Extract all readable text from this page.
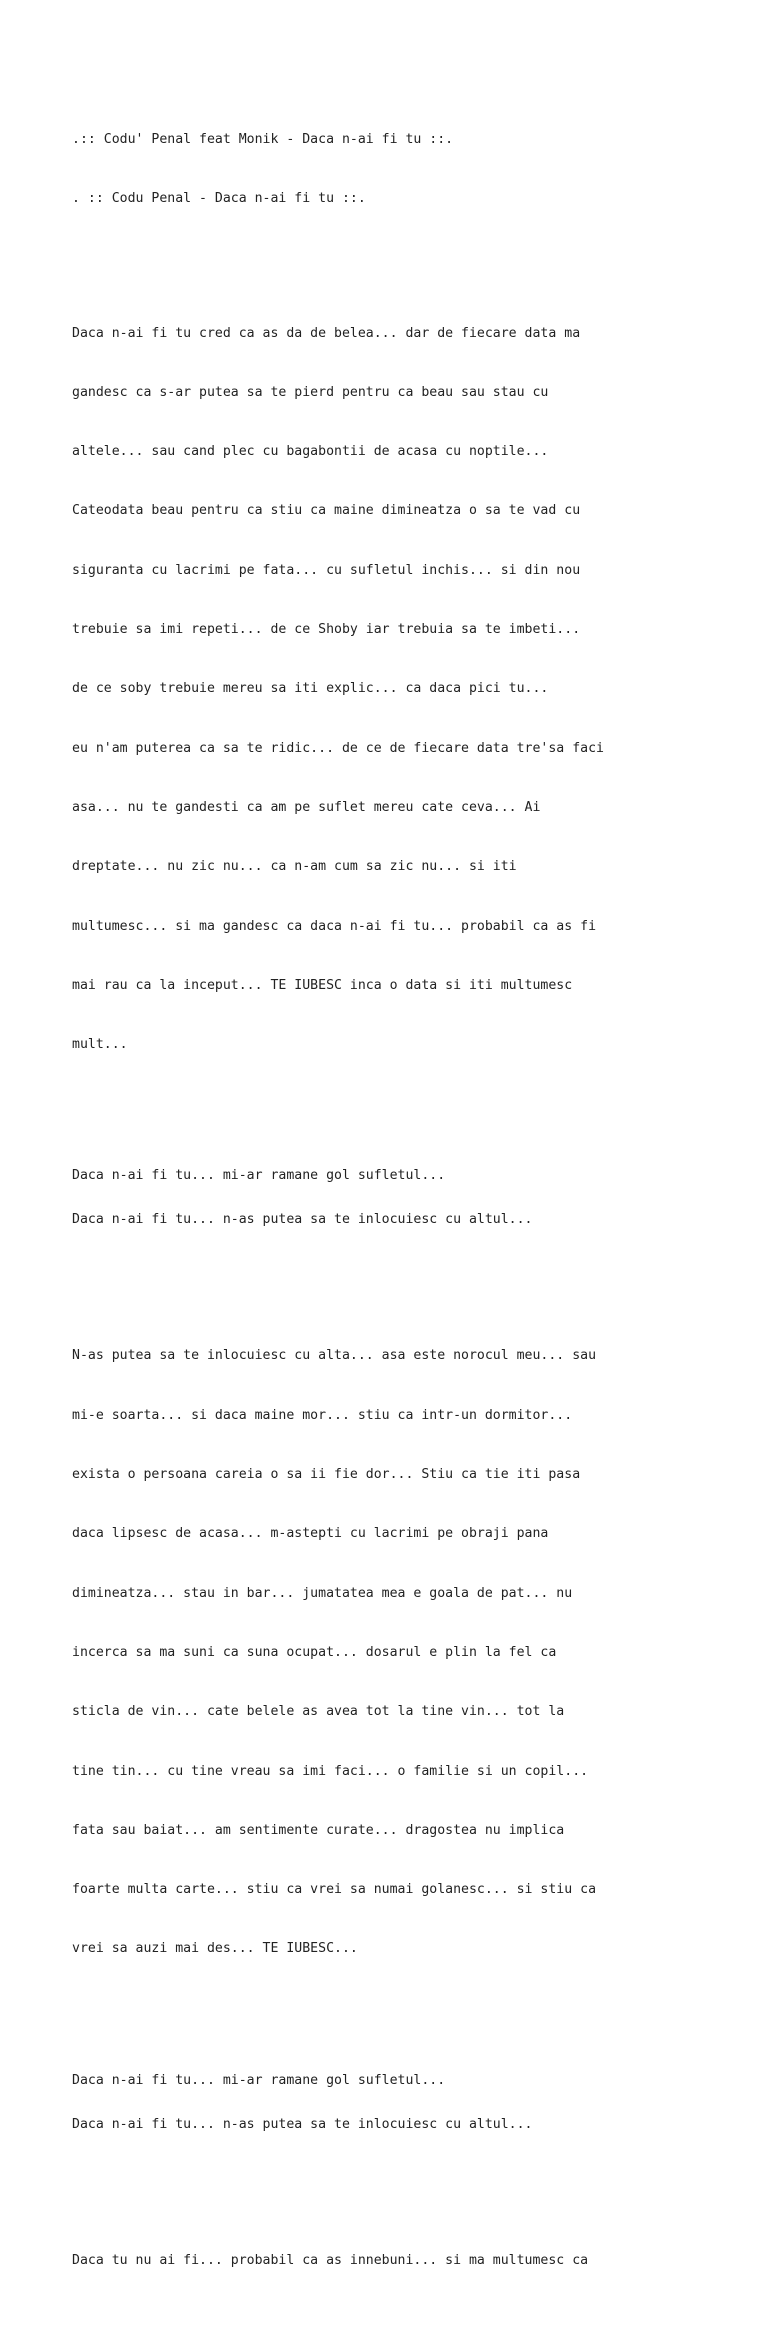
.:: Codu' Penal feat Monik - Daca n-ai fi tu ::.

. :: Codu Penal - Daca n-ai fi tu ::.

Daca n-ai fi tu cred ca as da de belea... dar de fiecare data ma

gandesc ca s-ar putea sa te pierd pentru ca beau sau stau cu

altele... sau cand plec cu bagabontii de acasa cu noptile...

Cateodata beau pentru ca stiu ca maine dimineatza o sa te vad cu

siguranta cu lacrimi pe fata... cu sufletul inchis... si din nou

trebuie sa imi repeti... de ce Shoby iar trebuia sa te imbeti...

de ce soby trebuie mereu sa iti explic... ca daca pici tu...

eu n'am puterea ca sa te ridic... de ce de fiecare data tre'sa faci

asa... nu te gandesti ca am pe suflet mereu cate ceva... Ai

dreptate... nu zic nu... ca n-am cum sa zic nu... si iti

multumesc... si ma gandesc ca daca n-ai fi tu... probabil ca as fi

mai rau ca la inceput... TE IUBESC inca o data si iti multumesc

mult...

Daca n-ai fi tu... mi-ar ramane gol sufletul...

Daca n-ai fi tu... n-as putea sa te inlocuiesc cu altul...

N-as putea sa te inlocuiesc cu alta... asa este norocul meu... sau

mi-e soarta... si daca maine mor... stiu ca intr-un dormitor...

exista o persoana careia o sa ii fie dor... Stiu ca tie iti pasa

daca lipsesc de acasa... m-astepti cu lacrimi pe obraji pana

dimineatza... stau in bar... jumatatea mea e goala de pat... nu

incerca sa ma suni ca suna ocupat... dosarul e plin la fel ca

sticla de vin... cate belele as avea tot la tine vin... tot la

tine tin... cu tine vreau sa imi faci... o familie si un copil...

fata sau baiat... am sentimente curate... dragostea nu implica

foarte multa carte... stiu ca vrei sa numai golanesc... si stiu ca

vrei sa auzi mai des... TE IUBESC...

Daca n-ai fi tu... mi-ar ramane gol sufletul...

Daca n-ai fi tu... n-as putea sa te inlocuiesc cu altul...

Daca tu nu ai fi... probabil ca as innebuni... si ma multumesc ca
